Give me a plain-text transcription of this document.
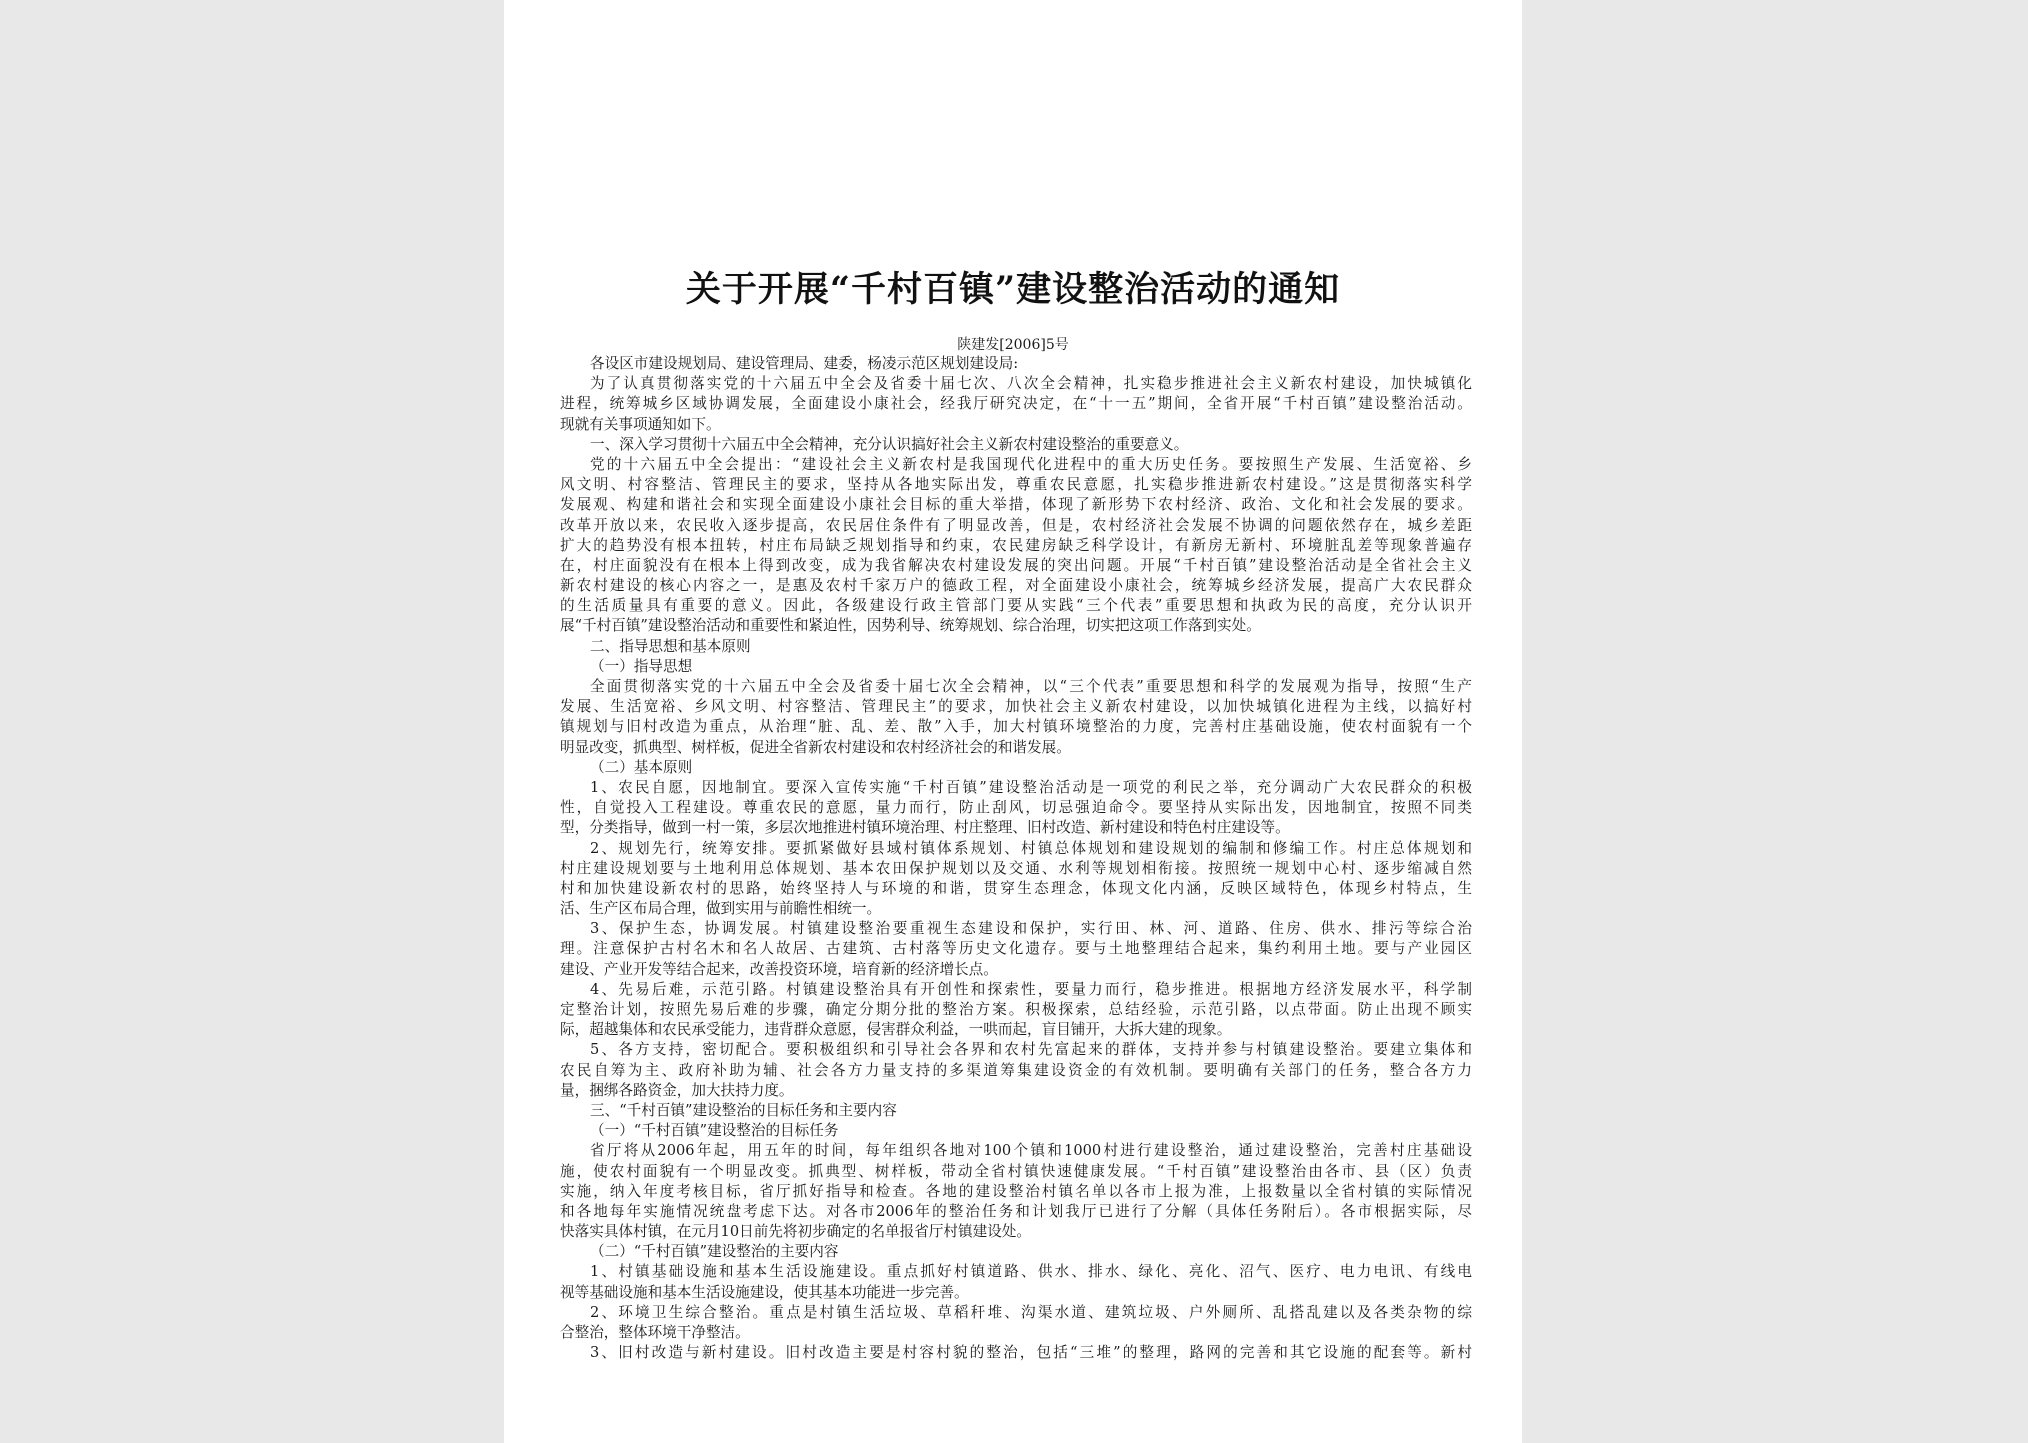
关于开展“千村百镇”建设整治活动的通知
陕建发[2006]5号
各设区市建设规划局、建设管理局、建委，杨凌示范区规划建设局:
为了认真贯彻落实党的十六届五中全会及省委十届七次、八次全会精神，扎实稳步推进社会主义新农村建设，加快城镇化
进程，统筹城乡区域协调发展，全面建设小康社会，经我厅研究决定，在“十一五”期间，全省开展“千村百镇”建设整治活动。
现就有关事项通知如下。
一、深入学习贯彻十六届五中全会精神，充分认识搞好社会主义新农村建设整治的重要意义。
党的十六届五中全会提出：“建设社会主义新农村是我国现代化进程中的重大历史任务。要按照生产发展、生活宽裕、乡
风文明、村容整洁、管理民主的要求，坚持从各地实际出发，尊重农民意愿，扎实稳步推进新农村建设。”这是贯彻落实科学
发展观、构建和谐社会和实现全面建设小康社会目标的重大举措，体现了新形势下农村经济、政治、文化和社会发展的要求。
改革开放以来，农民收入逐步提高，农民居住条件有了明显改善，但是，农村经济社会发展不协调的问题依然存在，城乡差距
扩大的趋势没有根本扭转，村庄布局缺乏规划指导和约束，农民建房缺乏科学设计，有新房无新村、环境脏乱差等现象普遍存
在，村庄面貌没有在根本上得到改变，成为我省解决农村建设发展的突出问题。开展“千村百镇”建设整治活动是全省社会主义
新农村建设的核心内容之一，是惠及农村千家万户的德政工程，对全面建设小康社会，统筹城乡经济发展，提高广大农民群众
的生活质量具有重要的意义。因此，各级建设行政主管部门要从实践“三个代表”重要思想和执政为民的高度，充分认识开
展“千村百镇”建设整治活动和重要性和紧迫性，因势利导、统筹规划、综合治理，切实把这项工作落到实处。
二、指导思想和基本原则
（一）指导思想
全面贯彻落实党的十六届五中全会及省委十届七次全会精神，以“三个代表”重要思想和科学的发展观为指导，按照“生产
发展、生活宽裕、乡风文明、村容整洁、管理民主”的要求，加快社会主义新农村建设，以加快城镇化进程为主线，以搞好村
镇规划与旧村改造为重点，从治理“脏、乱、差、散”入手，加大村镇环境整治的力度，完善村庄基础设施，使农村面貌有一个
明显改变，抓典型、树样板，促进全省新农村建设和农村经济社会的和谐发展。
（二）基本原则
1、农民自愿，因地制宜。要深入宣传实施“千村百镇”建设整治活动是一项党的利民之举，充分调动广大农民群众的积极
性，自觉投入工程建设。尊重农民的意愿，量力而行，防止刮风，切忌强迫命令。要坚持从实际出发，因地制宜，按照不同类
型，分类指导，做到一村一策，多层次地推进村镇环境治理、村庄整理、旧村改造、新村建设和特色村庄建设等。
2、规划先行，统筹安排。要抓紧做好县域村镇体系规划、村镇总体规划和建设规划的编制和修编工作。村庄总体规划和
村庄建设规划要与土地利用总体规划、基本农田保护规划以及交通、水利等规划相衔接。按照统一规划中心村、逐步缩减自然
村和加快建设新农村的思路，始终坚持人与环境的和谐，贯穿生态理念，体现文化内涵，反映区域特色，体现乡村特点，生
活、生产区布局合理，做到实用与前瞻性相统一。
3、保护生态，协调发展。村镇建设整治要重视生态建设和保护，实行田、林、河、道路、住房、供水、排污等综合治
理。注意保护古村名木和名人故居、古建筑、古村落等历史文化遗存。要与土地整理结合起来，集约利用土地。要与产业园区
建设、产业开发等结合起来，改善投资环境，培育新的经济增长点。
4、先易后难，示范引路。村镇建设整治具有开创性和探索性，要量力而行，稳步推进。根据地方经济发展水平，科学制
定整治计划，按照先易后难的步骤，确定分期分批的整治方案。积极探索，总结经验，示范引路，以点带面。防止出现不顾实
际，超越集体和农民承受能力，违背群众意愿，侵害群众利益，一哄而起，盲目铺开，大拆大建的现象。
5、各方支持，密切配合。要积极组织和引导社会各界和农村先富起来的群体，支持并参与村镇建设整治。要建立集体和
农民自筹为主、政府补助为辅、社会各方力量支持的多渠道筹集建设资金的有效机制。要明确有关部门的任务，整合各方力
量，捆绑各路资金，加大扶持力度。
三、“千村百镇”建设整治的目标任务和主要内容
（一）“千村百镇”建设整治的目标任务
省厅将从2006年起，用五年的时间，每年组织各地对100个镇和1000村进行建设整治，通过建设整治，完善村庄基础设
施，使农村面貌有一个明显改变。抓典型、树样板，带动全省村镇快速健康发展。“千村百镇”建设整治由各市、县（区）负责
实施，纳入年度考核目标，省厅抓好指导和检查。各地的建设整治村镇名单以各市上报为准，上报数量以全省村镇的实际情况
和各地每年实施情况统盘考虑下达。对各市2006年的整治任务和计划我厅已进行了分解（具体任务附后）。各市根据实际，尽
快落实具体村镇，在元月10日前先将初步确定的名单报省厅村镇建设处。
（二）“千村百镇”建设整治的主要内容
1、村镇基础设施和基本生活设施建设。重点抓好村镇道路、供水、排水、绿化、亮化、沼气、医疗、电力电讯、有线电
视等基础设施和基本生活设施建设，使其基本功能进一步完善。
2、环境卫生综合整治。重点是村镇生活垃圾、草稻秆堆、沟渠水道、建筑垃圾、户外厕所、乱搭乱建以及各类杂物的综
合整治，整体环境干净整洁。
3、旧村改造与新村建设。旧村改造主要是村容村貌的整治，包括“三堆”的整理，路网的完善和其它设施的配套等。新村
